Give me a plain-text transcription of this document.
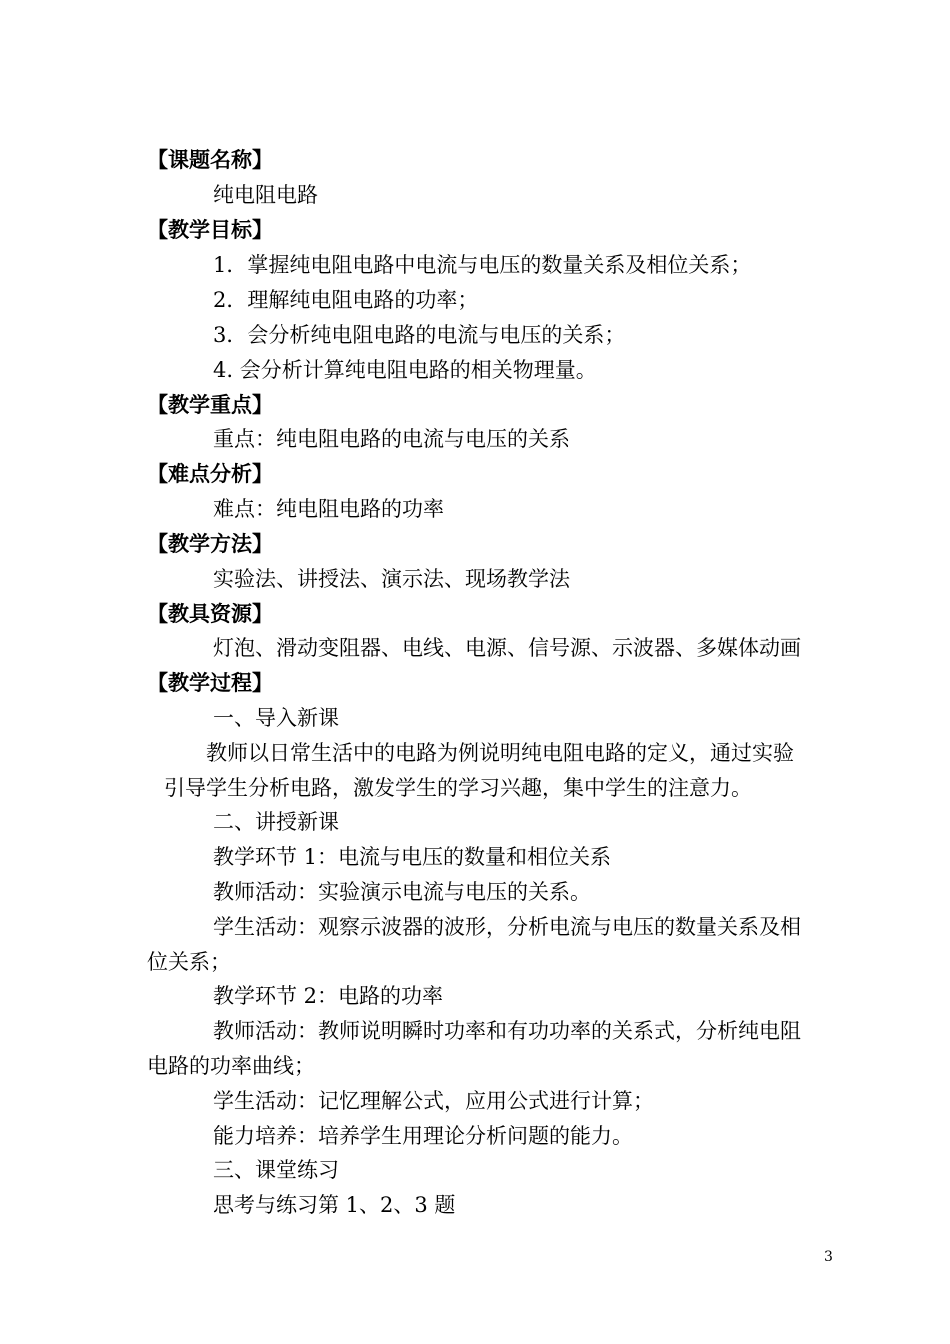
【课题名称】
纯电阻电路
【教学目标】
1．掌握纯电阻电路中电流与电压的数量关系及相位关系；
2．理解纯电阻电路的功率；
3．会分析纯电阻电路的电流与电压的关系；
4. 会分析计算纯电阻电路的相关物理量。
【教学重点】
重点：纯电阻电路的电流与电压的关系
【难点分析】
难点：纯电阻电路的功率
【教学方法】
实验法、讲授法、演示法、现场教学法
【教具资源】
灯泡、滑动变阻器、电线、电源、信号源、示波器、多媒体动画
【教学过程】
一、导入新课
教师以日常生活中的电路为例说明纯电阻电路的定义，通过实验
引导学生分析电路，激发学生的学习兴趣，集中学生的注意力。
二、讲授新课
教学环节 1：电流与电压的数量和相位关系
教师活动：实验演示电流与电压的关系。
学生活动：观察示波器的波形，分析电流与电压的数量关系及相
位关系；
教学环节 2：电路的功率
教师活动：教师说明瞬时功率和有功功率的关系式，分析纯电阻
电路的功率曲线；
学生活动：记忆理解公式，应用公式进行计算；
能力培养：培养学生用理论分析问题的能力。
三、课堂练习
思考与练习第 1、2、3 题
3
